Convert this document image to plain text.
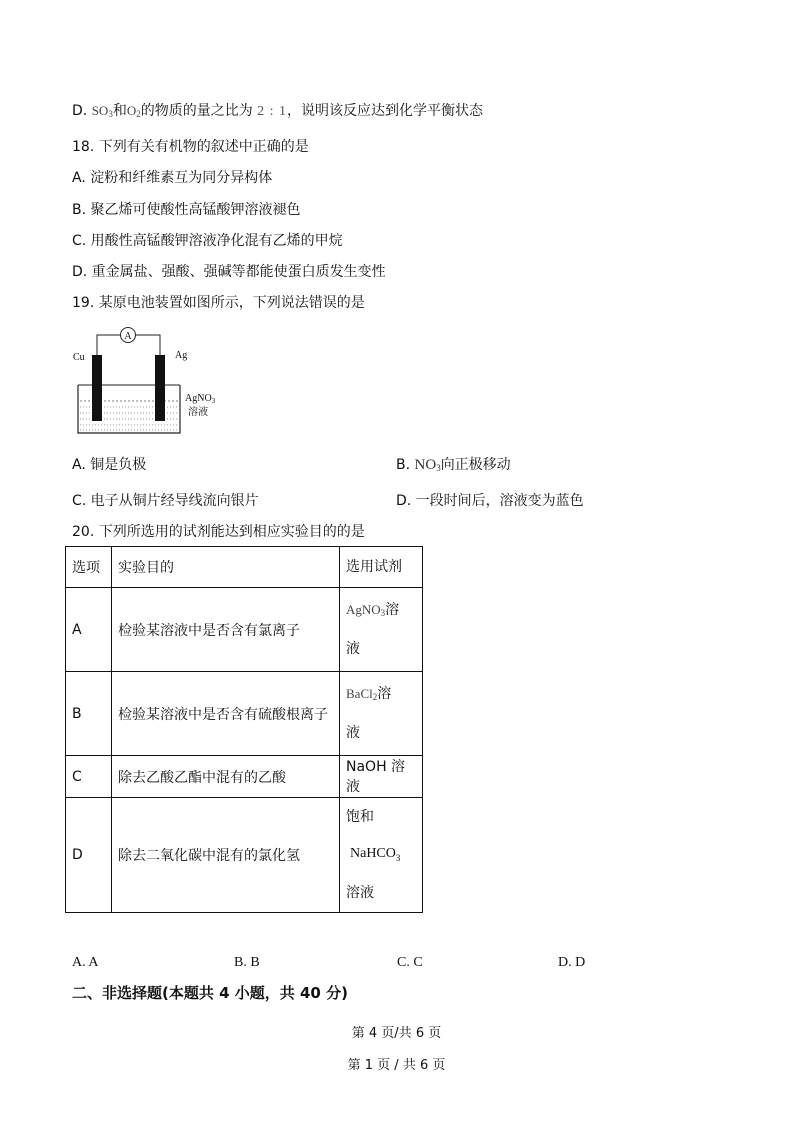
D. $SO_3$和$O_2$的物质的量之比为 2 : 1，说明该反应达到化学平衡状态
18. 下列有关有机物的叙述中正确的是
A. 淀粉和纤维素互为同分异构体
B. 聚乙烯可使酸性高锰酸钾溶液褪色
C. 用酸性高锰酸钾溶液净化混有乙烯的甲烷
D. 重金属盐、强酸、强碱等都能使蛋白质发生变性
19. 某原电池装置如图所示，下列说法错误的是
A
Cu	Ag
AgNO$_3$
溶液
A. 铜是负极	B. $NO_3$向正极移动
C. 电子从铜片经导线流向银片	D. 一段时间后，溶液变为蓝色
20. 下列所选用的试剂能达到相应实验目的的是
选项	实验目的	选用试剂
A	检验某溶液中是否含有氯离子	AgNO$_3$溶
液

B	检验某溶液中是否含有硫酸根离子	BaCl$_2$溶
液

C	除去乙酸乙酯中混有的乙酸	NaOH 溶液
D	除去二氧化碳中混有的氯化氢	饱和
NaHCO$_3$
溶液
A. A	B. B	C. C	D. D
二、非选择题(本题共 4 小题，共 40 分)
第 4 页/共 6 页
第 1 页 / 共 6 页
